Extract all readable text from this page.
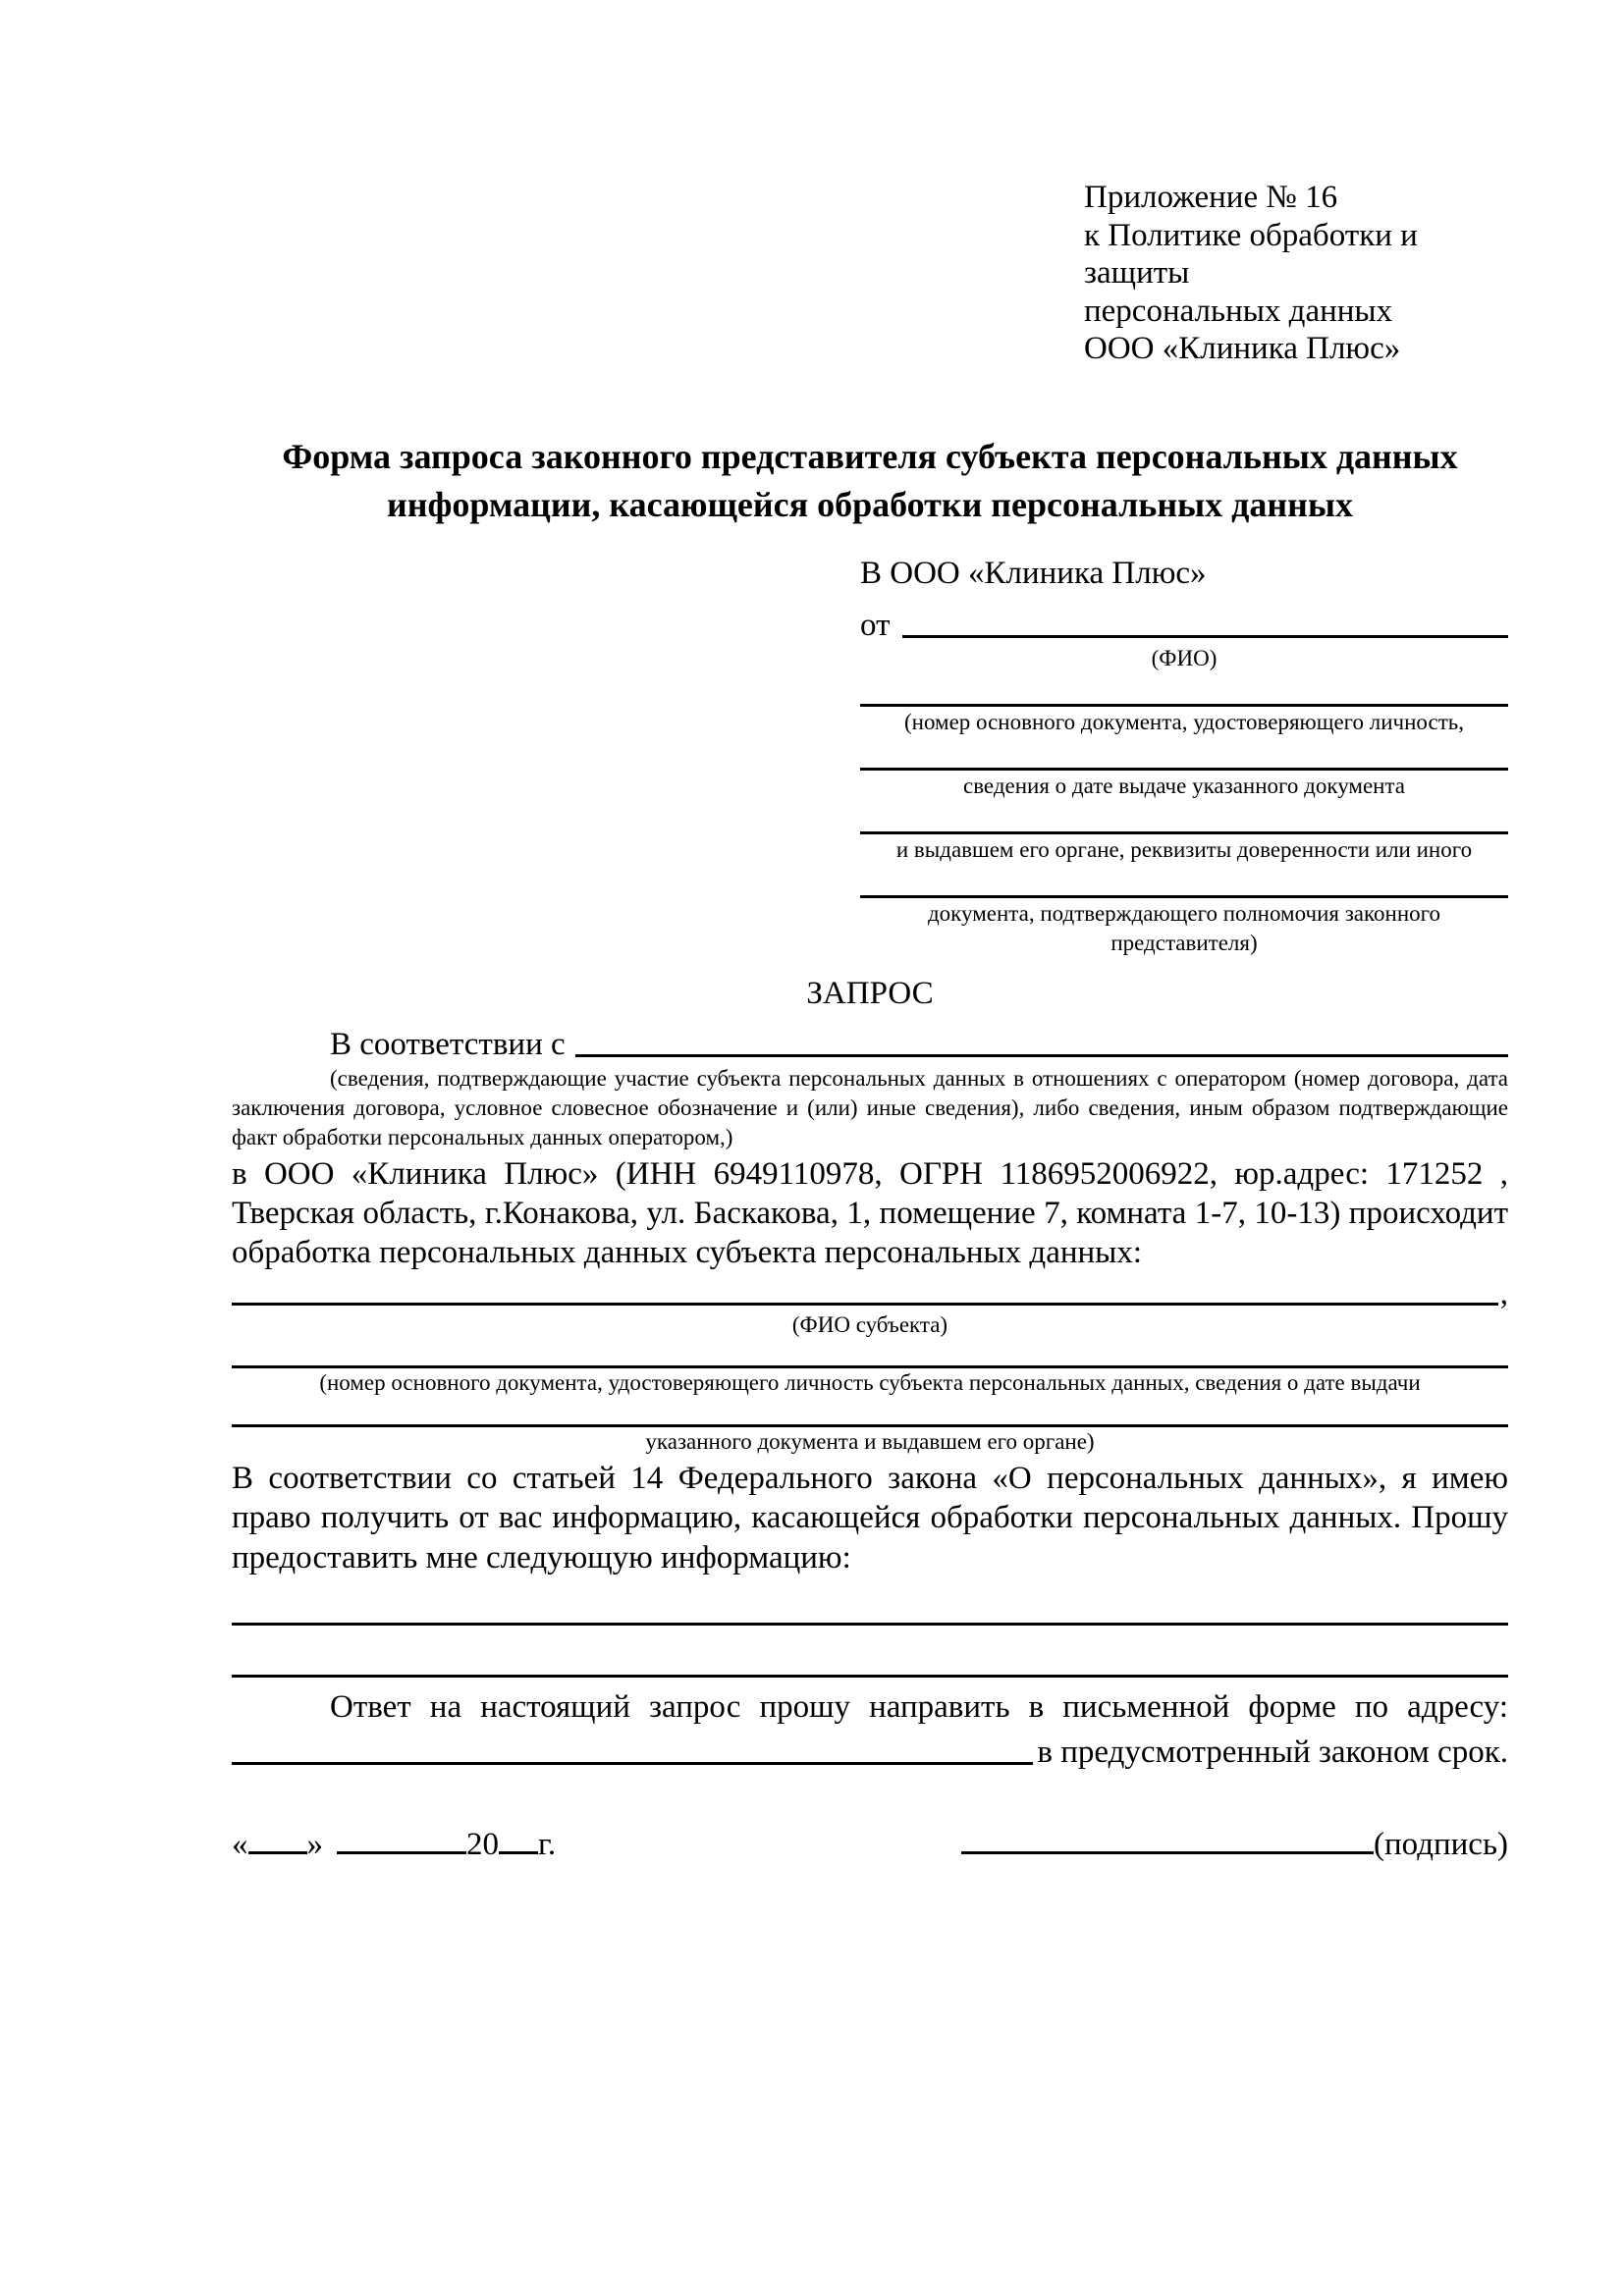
Приложение № 16
к Политике обработки и защиты
персональных данных
ООО «Клиника Плюс»
Форма запроса законного представителя субъекта персональных данных
информации, касающейся обработки персональных данных
В ООО «Клиника Плюс»
от
(ФИО)
(номер основного документа, удостоверяющего личность,
сведения о дате выдаче указанного документа
и выдавшем его органе, реквизиты доверенности или иного
документа, подтверждающего полномочия законного представителя)
ЗАПРОС
В соответствии с

(сведения, подтверждающие участие субъекта персональных данных в отношениях с оператором (номер договора, дата заключения договора, условное словесное обозначение и (или) иные сведения), либо сведения, иным образом подтверждающие факт обработки персональных данных оператором,)

в ООО «Клиника Плюс» (ИНН 6949110978, ОГРН 1186952006922, юр.адрес: 171252 , Тверская область, г.Конакова, ул. Баскакова, 1, помещение 7, комната 1-7, 10-13) происходит обработка персональных данных субъекта персональных данных:

,
(ФИО субъекта)
(номер основного документа, удостоверяющего личность субъекта персональных данных, сведения о дате выдачи
указанного документа и выдавшем его органе)

В соответствии со статьей 14 Федерального закона «О персональных данных», я имею право получить от вас информацию, касающейся обработки персональных данных. Прошу предоставить мне следующую информацию:

Ответ на настоящий запрос прошу направить в письменной форме по адресу:

в предусмотренный законом срок.
« »	20 г.	(подпись)
